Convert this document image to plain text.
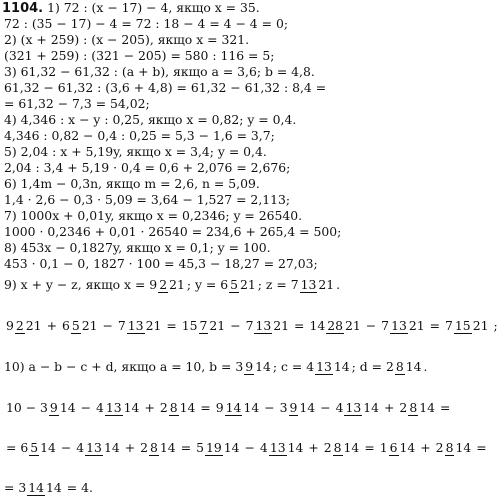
1104. 1) 72 : (x − 17) − 4, якщо x = 35.
72 : (35 − 17) − 4 = 72 : 18 − 4 = 4 − 4 = 0;
2) (x + 259) : (x − 205), якщо x = 321.
(321 + 259) : (321 − 205) = 580 : 116 = 5;
3) 61,32 − 61,32 : (a + b), якщо a = 3,6; b = 4,8.
61,32 − 61,32 : (3,6 + 4,8) = 61,32 − 61,32 : 8,4 =
= 61,32 − 7,3 = 54,02;
4) 4,346 : x − y : 0,25, якщо x = 0,82; y = 0,4.
4,346 : 0,82 − 0,4 : 0,25 = 5,3 − 1,6 = 3,7;
5) 2,04 : x + 5,19y, якщо x = 3,4; y = 0,4.
2,04 : 3,4 + 5,19 · 0,4 = 0,6 + 2,076 = 2,676;
6) 1,4m − 0,3n, якщо m = 2,6, n = 5,09.
1,4 · 2,6 − 0,3 · 5,09 = 3,64 − 1,527 = 2,113;
7) 1000x + 0,01y, якщо x = 0,2346; y = 26540.
1000 · 0,2346 + 0,01 · 26540 = 234,6 + 265,4 = 500;
8) 453x − 0,1827y, якщо x = 0,1; y = 100.
453 · 0,1 − 0, 1827 · 100 = 45,3 − 18,27 = 27,03;
9) x + y − z, якщо x = 9 2 21 ; y = 6 5 21 ; z = 7 13 21 .
9 2 21 + 6 5 21 − 7 13 21 = 15 7 21 − 7 13 21 = 14 28 21 − 7 13 21 = 7 15 21 ;
10) a − b − c + d, якщо a = 10, b = 3 9 14 ; c = 4 13 14 ; d = 2 8 14 .
10 − 3 9 14 − 4 13 14 + 2 8 14 = 9 14 14 − 3 9 14 − 4 13 14 + 2 8 14 =
= 6 5 14 − 4 13 14 + 2 8 14 = 5 19 14 − 4 13 14 + 2 8 14 = 1 6 14 + 2 8 14 =
= 3 14 14 = 4.
